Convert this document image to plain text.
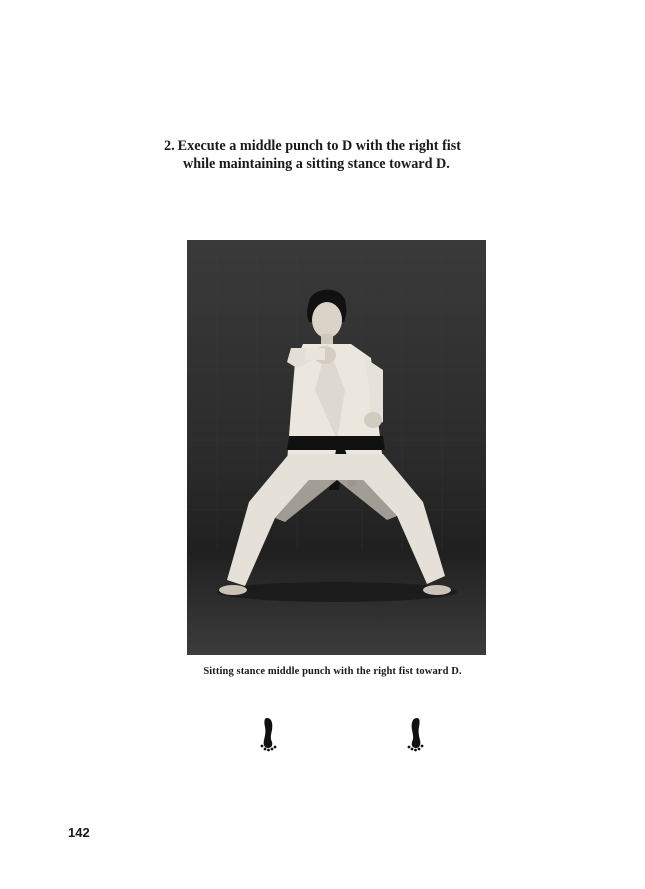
2. Execute a middle punch to D with the right fist
while maintaining a sitting stance toward D.
Sitting stance middle punch with the right fist toward D.
142
